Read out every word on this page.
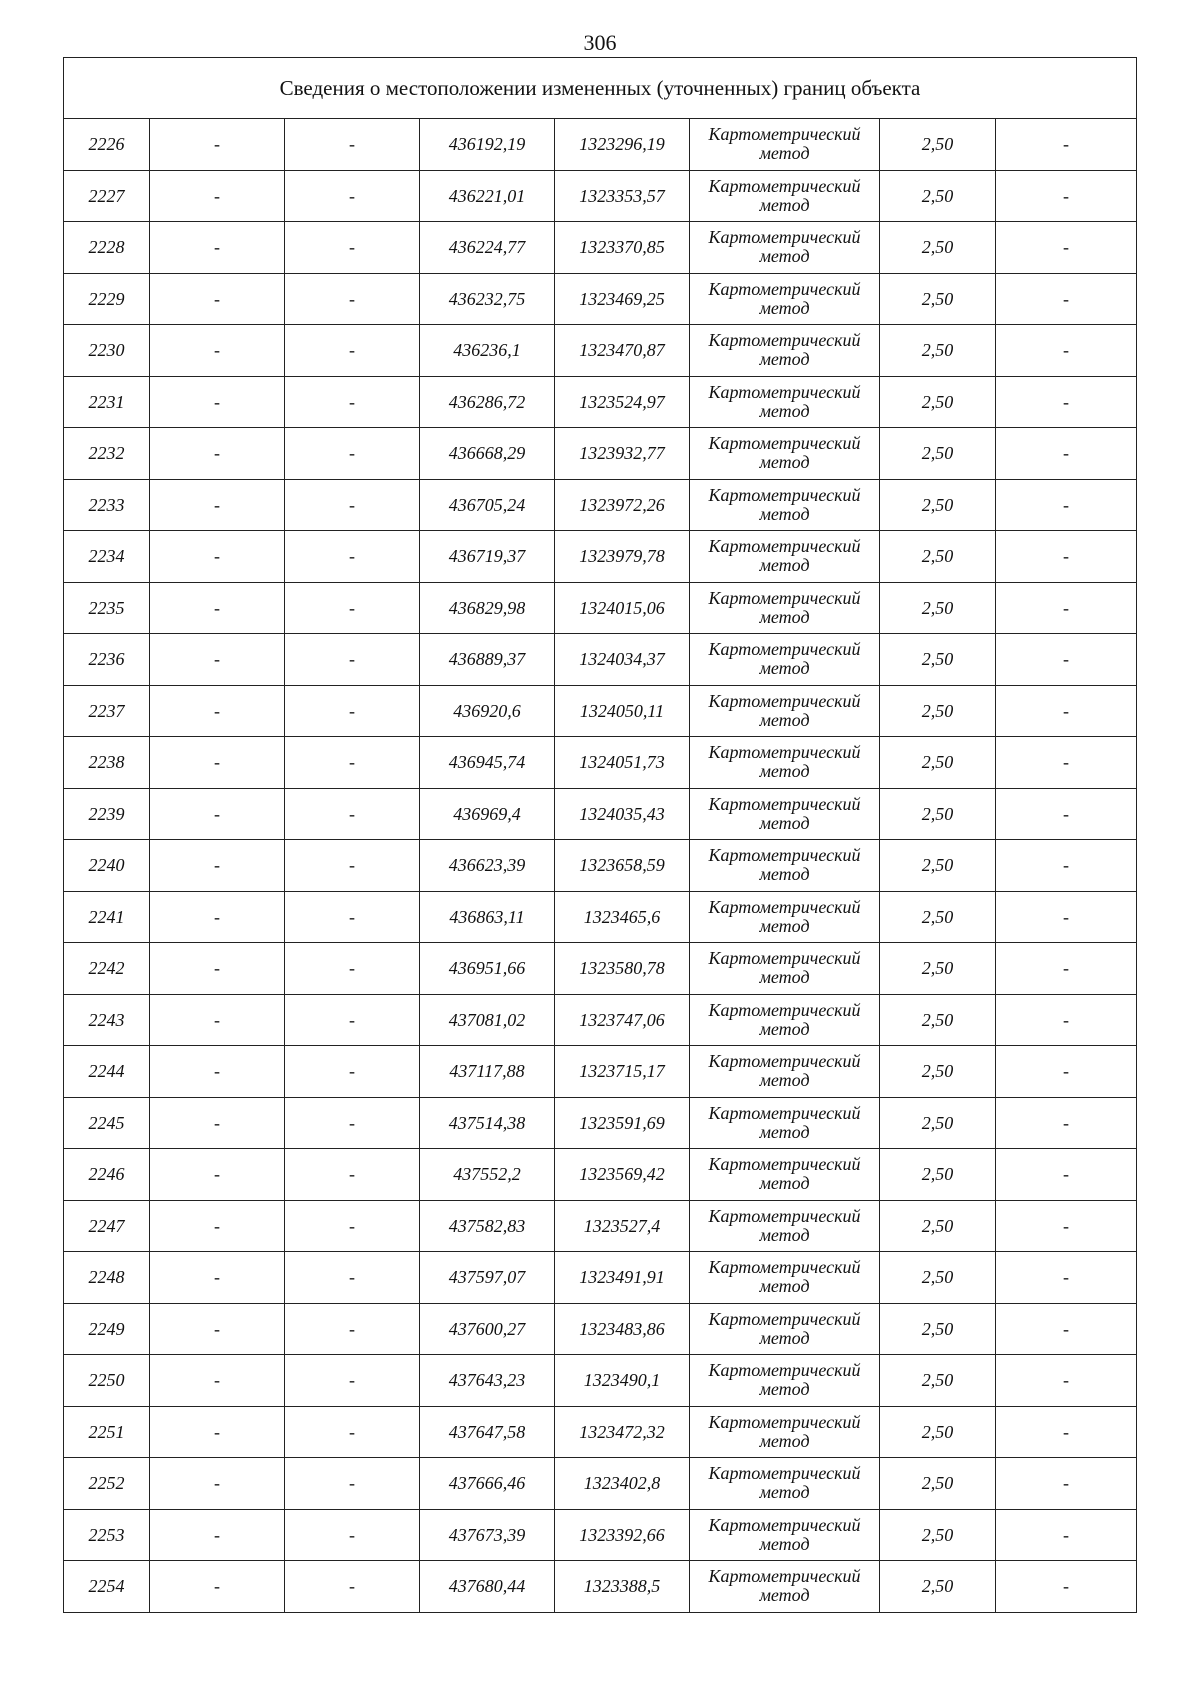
306
Сведения о местоположении измененных (уточненных) границ объекта							
2226	-	-	436192,19	1323296,19	Картометрический метод	2,50	-
2227	-	-	436221,01	1323353,57	Картометрический метод	2,50	-
2228	-	-	436224,77	1323370,85	Картометрический метод	2,50	-
2229	-	-	436232,75	1323469,25	Картометрический метод	2,50	-
2230	-	-	436236,1	1323470,87	Картометрический метод	2,50	-
2231	-	-	436286,72	1323524,97	Картометрический метод	2,50	-
2232	-	-	436668,29	1323932,77	Картометрический метод	2,50	-
2233	-	-	436705,24	1323972,26	Картометрический метод	2,50	-
2234	-	-	436719,37	1323979,78	Картометрический метод	2,50	-
2235	-	-	436829,98	1324015,06	Картометрический метод	2,50	-
2236	-	-	436889,37	1324034,37	Картометрический метод	2,50	-
2237	-	-	436920,6	1324050,11	Картометрический метод	2,50	-
2238	-	-	436945,74	1324051,73	Картометрический метод	2,50	-
2239	-	-	436969,4	1324035,43	Картометрический метод	2,50	-
2240	-	-	436623,39	1323658,59	Картометрический метод	2,50	-
2241	-	-	436863,11	1323465,6	Картометрический метод	2,50	-
2242	-	-	436951,66	1323580,78	Картометрический метод	2,50	-
2243	-	-	437081,02	1323747,06	Картометрический метод	2,50	-
2244	-	-	437117,88	1323715,17	Картометрический метод	2,50	-
2245	-	-	437514,38	1323591,69	Картометрический метод	2,50	-
2246	-	-	437552,2	1323569,42	Картометрический метод	2,50	-
2247	-	-	437582,83	1323527,4	Картометрический метод	2,50	-
2248	-	-	437597,07	1323491,91	Картометрический метод	2,50	-
2249	-	-	437600,27	1323483,86	Картометрический метод	2,50	-
2250	-	-	437643,23	1323490,1	Картометрический метод	2,50	-
2251	-	-	437647,58	1323472,32	Картометрический метод	2,50	-
2252	-	-	437666,46	1323402,8	Картометрический метод	2,50	-
2253	-	-	437673,39	1323392,66	Картометрический метод	2,50	-
2254	-	-	437680,44	1323388,5	Картометрический метод	2,50	-
